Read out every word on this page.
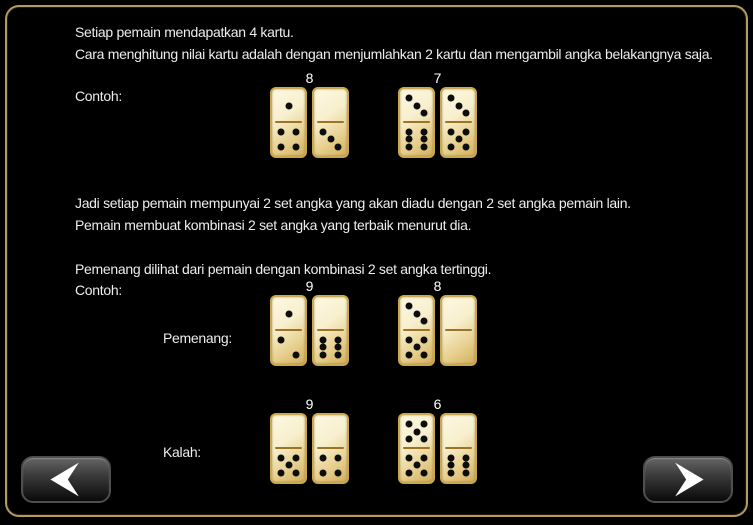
Setiap pemain mendapatkan 4 kartu.
Cara menghitung nilai kartu adalah dengan menjumlahkan 2 kartu dan mengambil angka belakangnya saja.
Contoh:
Jadi setiap pemain mempunyai 2 set angka yang akan diadu dengan 2 set angka pemain lain.
Pemain membuat kombinasi 2 set angka yang terbaik menurut dia.
Pemenang dilihat dari pemain dengan kombinasi 2 set angka tertinggi.
Contoh:
Pemenang:
Kalah:
8	7
9	8
9	6
